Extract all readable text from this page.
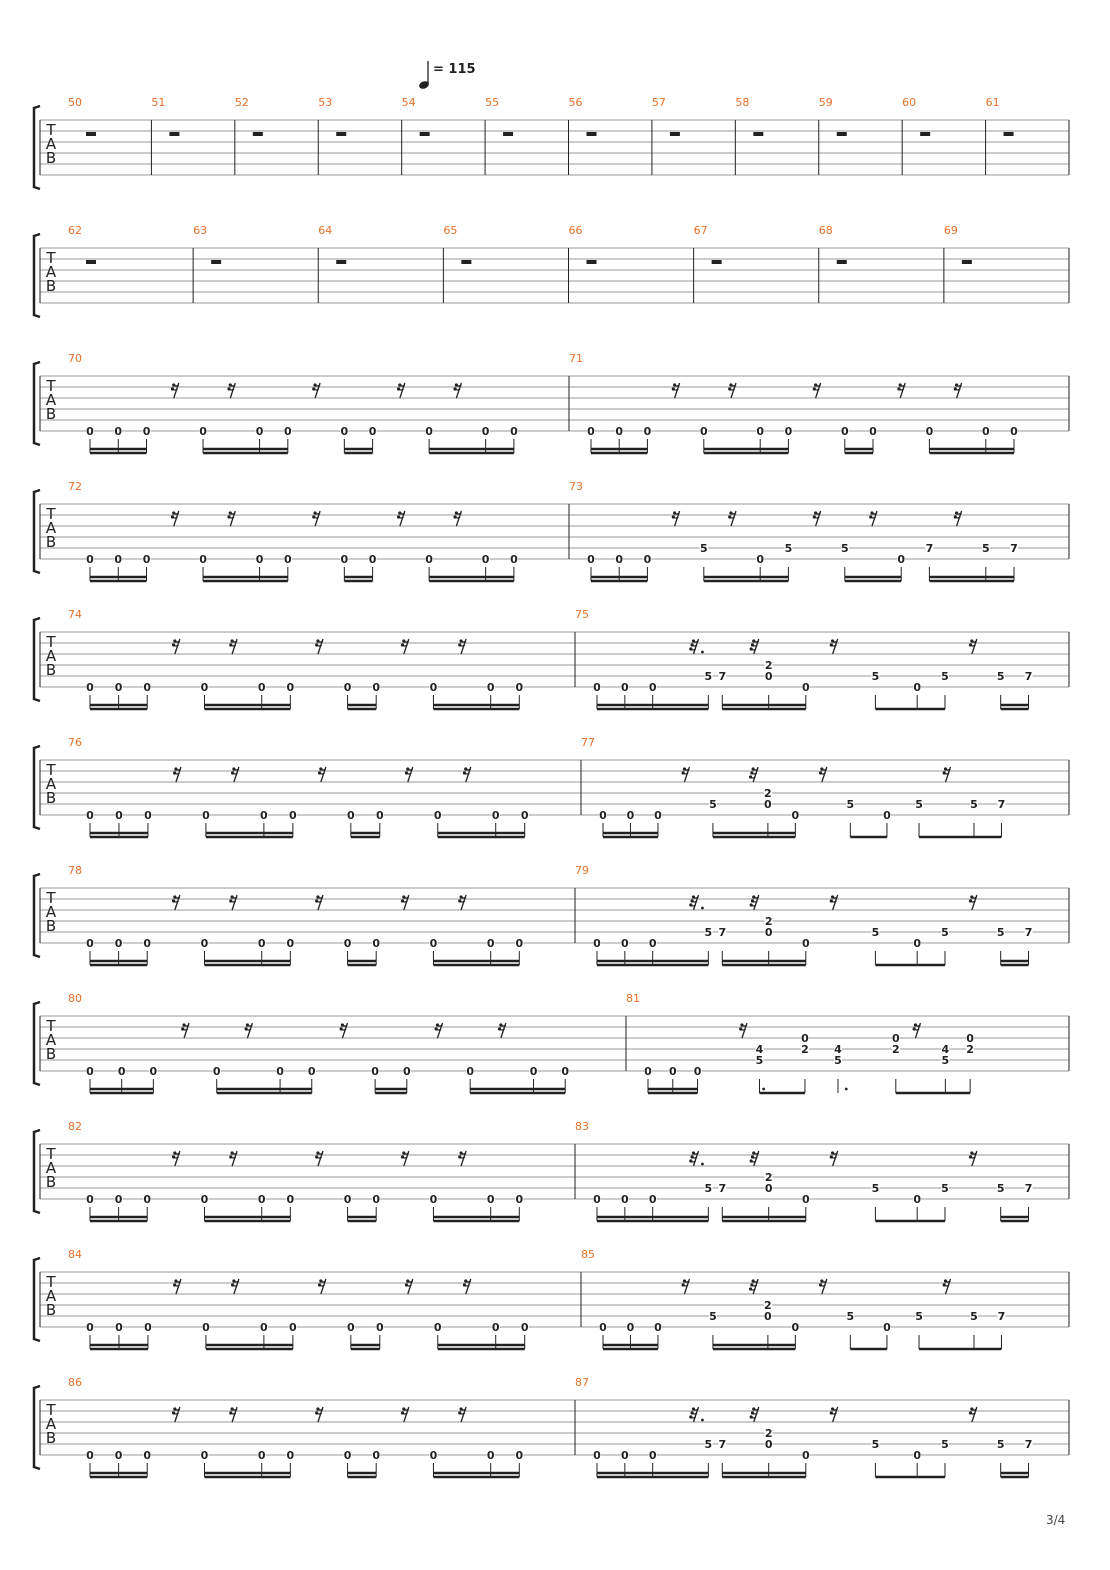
= 115
T
A
B
50	51	52	53	54	55	56	57	58	59	60	61
T
A
B
62	63	64	65	66	67	68	69
T
A
B
70
0 0 0	0	0 0	0 0	0	0 0
71
0 0 0	0	0 0	0 0	0	0 0
T
A
B
72
0 0 0	0	0 0	0 0	0	0 0
73
0 0 0
5
0
5	5
0
7	5 7
T
A
B
74
0 0 0	0	0 0	0 0	0	0 0
75
0 0 0
5 7
2
0
0
5
0
5	5 7
T
A
B
76
0 0 0	0	0 0	0 0	0	0 0
77
0 0 0
5
2
0
0
5
0
5	5 7
T
A
B
78
0 0 0	0	0 0	0 0	0	0 0
79
0 0 0
5 7
2
0
0
5
0
5	5 7
T
A
B
80
0 0 0	0	0 0	0 0	0	0 0
81
0 0 0
4
5
0
2 4
5
0
2	4
5
0
2
T
A
B
82
0 0 0	0	0 0	0 0	0	0 0
83
0 0 0
5 7
2
0
0
5
0
5	5 7
T
A
B
84
0 0 0	0	0 0	0 0	0	0 0
85
0 0 0
5
2
0
0
5
0
5	5 7
T
A
B
86
0 0 0	0	0 0	0 0	0	0 0
87
0 0 0
5 7
2
0
0
5
0
5	5 7
3/4
